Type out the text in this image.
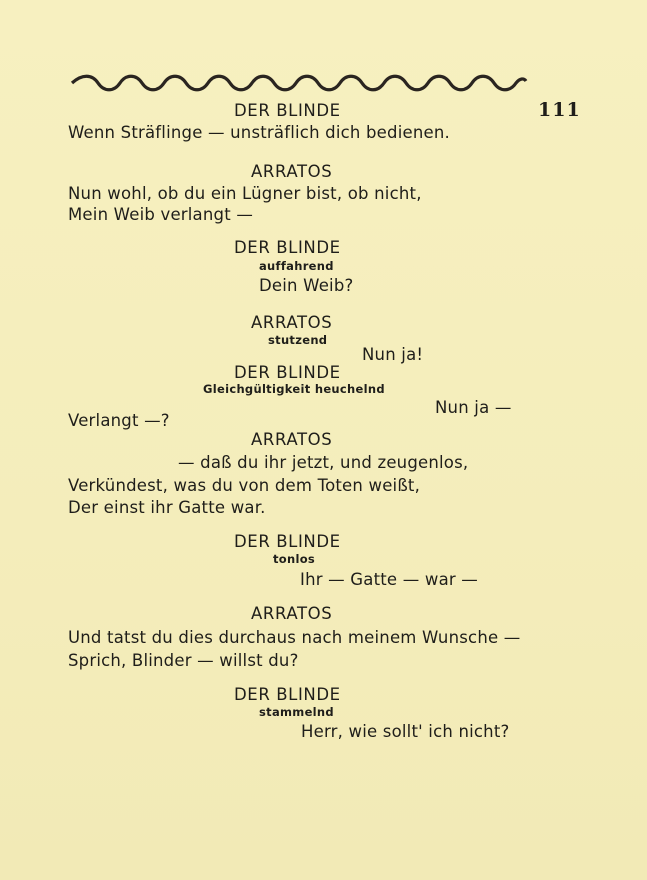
DER BLINDE	111
Wenn Sträflinge — unsträflich dich bedienen.
ARRATOS
Nun wohl, ob du ein Lügner bist, ob nicht,
Mein Weib verlangt —
DER BLINDE
auffahrend
Dein Weib?
ARRATOS
stutzend
Nun ja!
DER BLINDE
Gleichgültigkeit heuchelnd
Nun ja —
Verlangt —?
ARRATOS
— daß du ihr jetzt, und zeugenlos,
Verkündest, was du von dem Toten weißt,
Der einst ihr Gatte war.
DER BLINDE
tonlos
Ihr — Gatte — war —
ARRATOS
Und tatst du dies durchaus nach meinem Wunsche —
Sprich, Blinder — willst du?
DER BLINDE
stammelnd
Herr, wie sollt' ich nicht?
